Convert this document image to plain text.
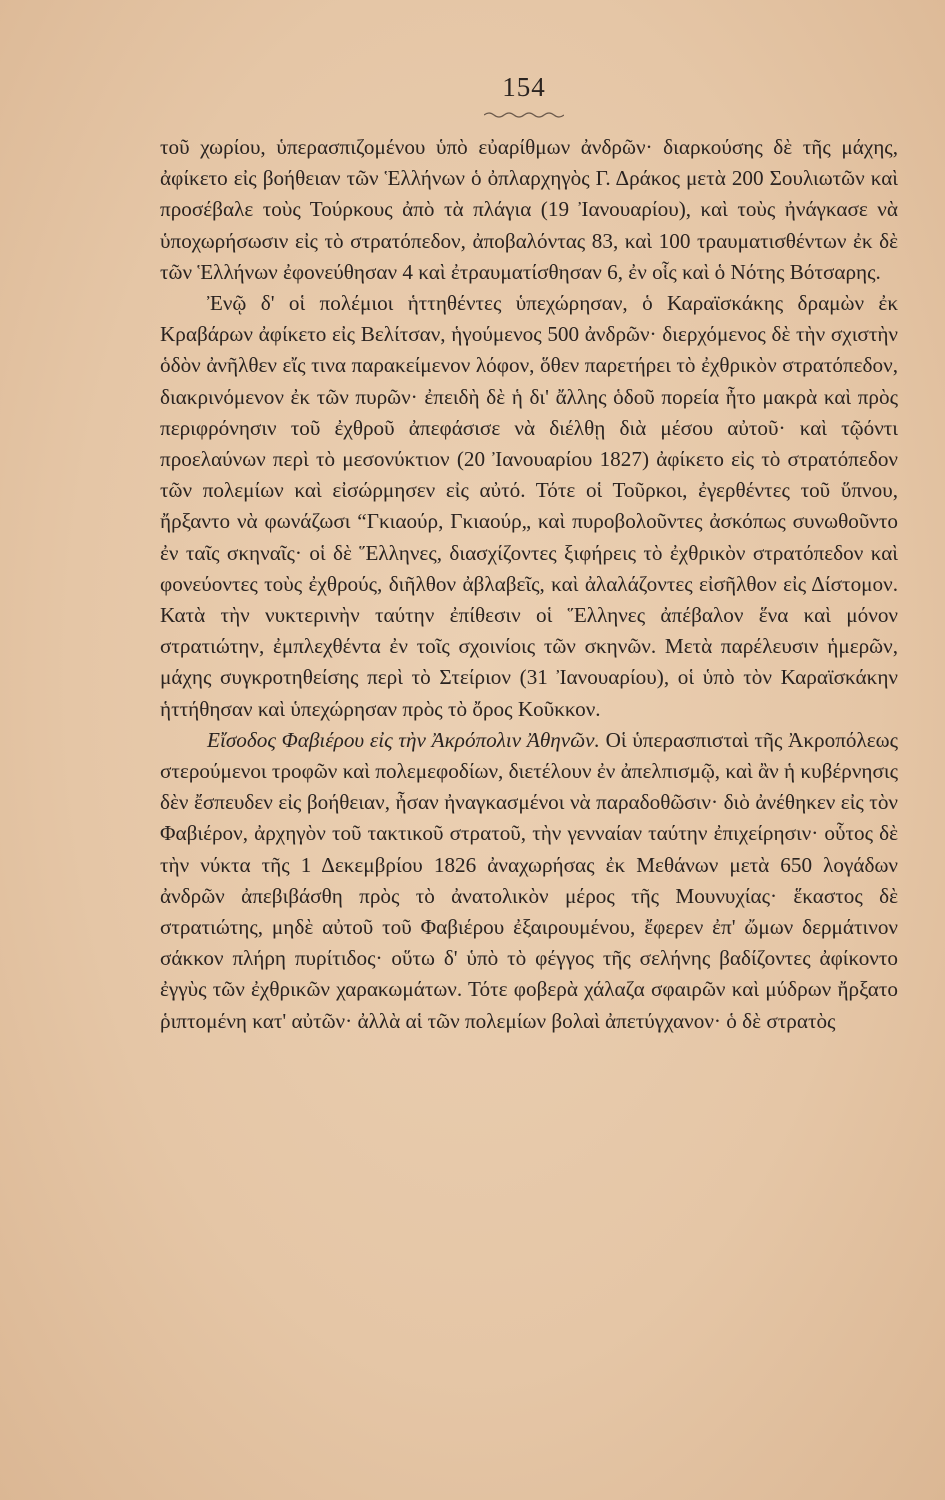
154

τοῦ χωρίου, ὑπερασπιζομένου ὑπὸ εὐαρίθμων ἀνδρῶν· διαρκούσης δὲ τῆς μάχης, ἀφίκετο εἰς βοήθειαν τῶν Ἑλλήνων ὁ ὀπλαρχηγὸς Γ. Δράκος μετὰ 200 Σουλιωτῶν καὶ προσέβαλε τοὺς Τούρκους ἀπὸ τὰ πλάγια (19 Ἰανουαρίου), καὶ τοὺς ἠνάγκασε νὰ ὑποχωρήσωσιν εἰς τὸ στρατόπεδον, ἀποβαλόντας 83, καὶ 100 τραυματισθέντων ἐκ δὲ τῶν Ἑλλήνων ἐφονεύθησαν 4 καὶ ἐτραυματίσθησαν 6, ἐν οἷς καὶ ὁ Νότης Βότσαρης.

Ἐνῷ δ' οἱ πολέμιοι ἡττηθέντες ὑπεχώρησαν, ὁ Καραϊσκάκης δραμὼν ἐκ Κραβάρων ἀφίκετο εἰς Βελίτσαν, ἡγούμενος 500 ἀνδρῶν· διερχόμενος δὲ τὴν σχιστὴν ὁδὸν ἀνῆλθεν εἴς τινα παρακείμενον λόφον, ὅθεν παρετήρει τὸ ἐχθρικὸν στρατόπεδον, διακρινόμενον ἐκ τῶν πυρῶν· ἐπειδὴ δὲ ἡ δι' ἄλλης ὁδοῦ πορεία ἦτο μακρὰ καὶ πρὸς περιφρόνησιν τοῦ ἐχθροῦ ἀπεφάσισε νὰ διέλθῃ διὰ μέσου αὐτοῦ· καὶ τῷόντι προελαύνων περὶ τὸ μεσονύκτιον (20 Ἰανουαρίου 1827) ἀφίκετο εἰς τὸ στρατόπεδον τῶν πολεμίων καὶ εἰσώρμησεν εἰς αὐτό. Τότε οἱ Τοῦρκοι, ἐγερθέντες τοῦ ὕπνου, ἤρξαντο νὰ φωνάζωσι “Γκιαούρ, Γκιαούρ„ καὶ πυροβολοῦντες ἀσκόπως συνωθοῦντο ἐν ταῖς σκηναῖς· οἱ δὲ Ἕλληνες, διασχίζοντες ξιφήρεις τὸ ἐχθρικὸν στρατόπεδον καὶ φονεύοντες τοὺς ἐχθρούς, διῆλθον ἀβλαβεῖς, καὶ ἀλαλάζοντες εἰσῆλθον εἰς Δίστομον. Κατὰ τὴν νυκτερινὴν ταύτην ἐπίθεσιν οἱ Ἕλληνες ἀπέβαλον ἕνα καὶ μόνον στρατιώτην, ἐμπλεχθέντα ἐν τοῖς σχοινίοις τῶν σκηνῶν. Μετὰ παρέλευσιν ἡμερῶν, μάχης συγκροτηθείσης περὶ τὸ Στείριον (31 Ἰανουαρίου), οἱ ὑπὸ τὸν Καραϊσκάκην ἡττήθησαν καὶ ὑπεχώρησαν πρὸς τὸ ὄρος Κοῦκκον.

Εἴσοδος Φαβιέρου εἰς τὴν Ἀκρόπολιν Ἀθηνῶν. Οἱ ὑπερασπισταὶ τῆς Ἀκροπόλεως στερούμενοι τροφῶν καὶ πολεμεφοδίων, διετέλουν ἐν ἀπελπισμῷ, καὶ ἂν ἡ κυβέρνησις δὲν ἔσπευδεν εἰς βοήθειαν, ἦσαν ἠναγκασμένοι νὰ παραδοθῶσιν· διὸ ἀνέθηκεν εἰς τὸν Φαβιέρον, ἀρχηγὸν τοῦ τακτικοῦ στρατοῦ, τὴν γενναίαν ταύτην ἐπιχείρησιν· οὗτος δὲ τὴν νύκτα τῆς 1 Δεκεμβρίου 1826 ἀναχωρήσας ἐκ Μεθάνων μετὰ 650 λογάδων ἀνδρῶν ἀπεβιβάσθη πρὸς τὸ ἀνατολικὸν μέρος τῆς Μουνυχίας· ἕκαστος δὲ στρατιώτης, μηδὲ αὐτοῦ τοῦ Φαβιέρου ἐξαιρουμένου, ἔφερεν ἐπ' ὤμων δερμάτινον σάκκον πλήρη πυρίτιδος· οὕτω δ' ὑπὸ τὸ φέγγος τῆς σελήνης βαδίζοντες ἀφίκοντο ἐγγὺς τῶν ἐχθρικῶν χαρακωμάτων. Τότε φοβερὰ χάλαζα σφαιρῶν καὶ μύδρων ἤρξατο ῥιπτομένη κατ' αὐτῶν· ἀλλὰ αἱ τῶν πολεμίων βολαὶ ἀπετύγχανον· ὁ δὲ στρατὸς
